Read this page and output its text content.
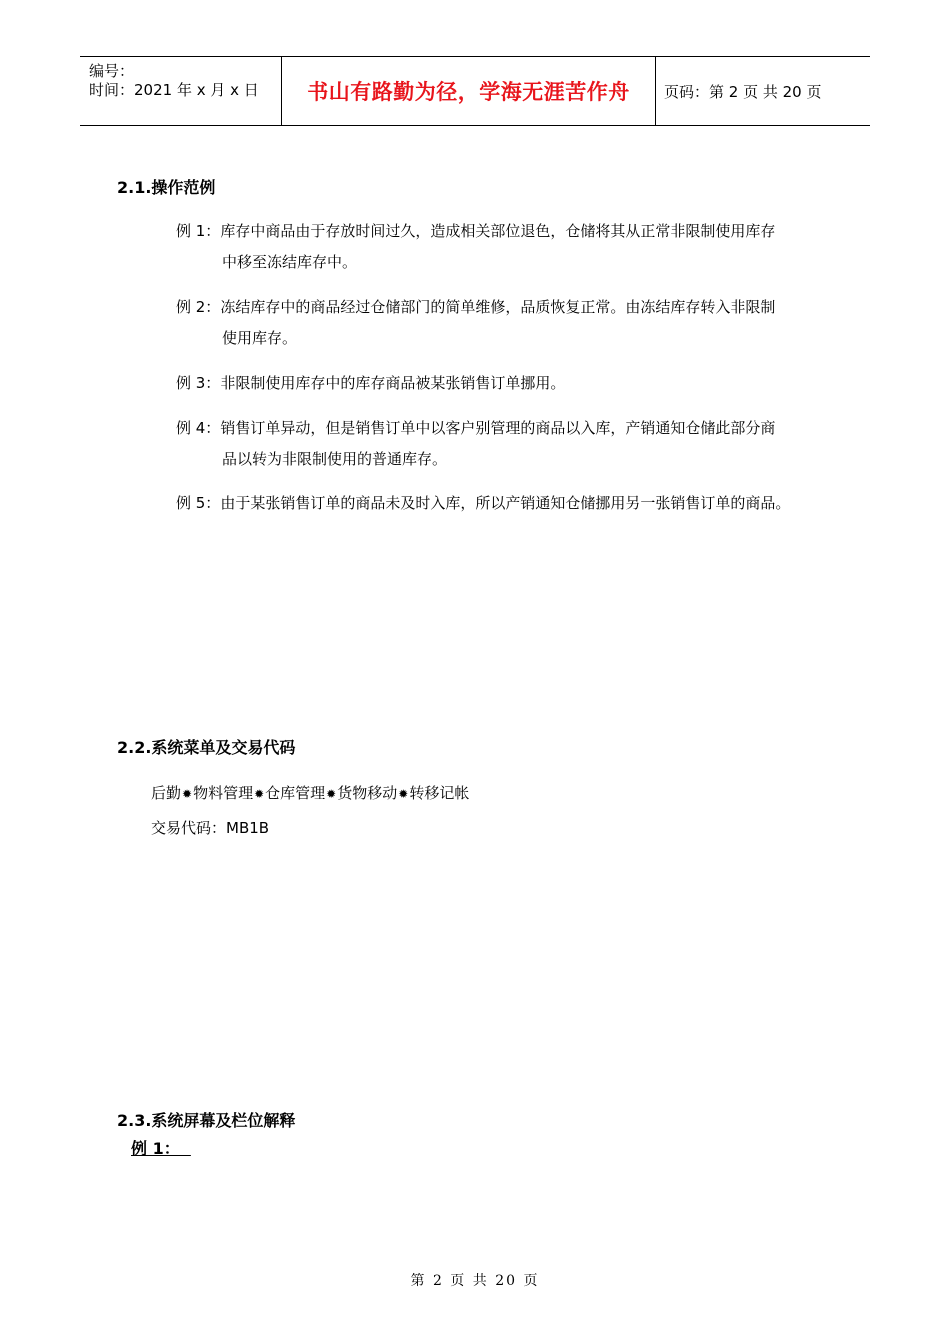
编号：
时间：2021 年 x 月 x 日 书山有路勤为径，学海无涯苦作舟 页码：第 2 页 共 20 页
2.1.操作范例
例 1：库存中商品由于存放时间过久，造成相关部位退色，仓储将其从正常非限制使用库存
中移至冻结库存中。
例 2：冻结库存中的商品经过仓储部门的简单维修，品质恢复正常。由冻结库存转入非限制
使用库存。
例 3：非限制使用库存中的库存商品被某张销售订单挪用。
例 4：销售订单异动，但是销售订单中以客户别管理的商品以入库，产销通知仓储此部分商
品以转为非限制使用的普通库存。
例 5：由于某张销售订单的商品未及时入库，所以产销通知仓储挪用另一张销售订单的商品。
2.2.系统菜单及交易代码
后勤✹物料管理✹仓库管理✹货物移动✹转移记帐
交易代码：MB1B
2.3.系统屏幕及栏位解释
例 1：
第 2 页 共 20 页
